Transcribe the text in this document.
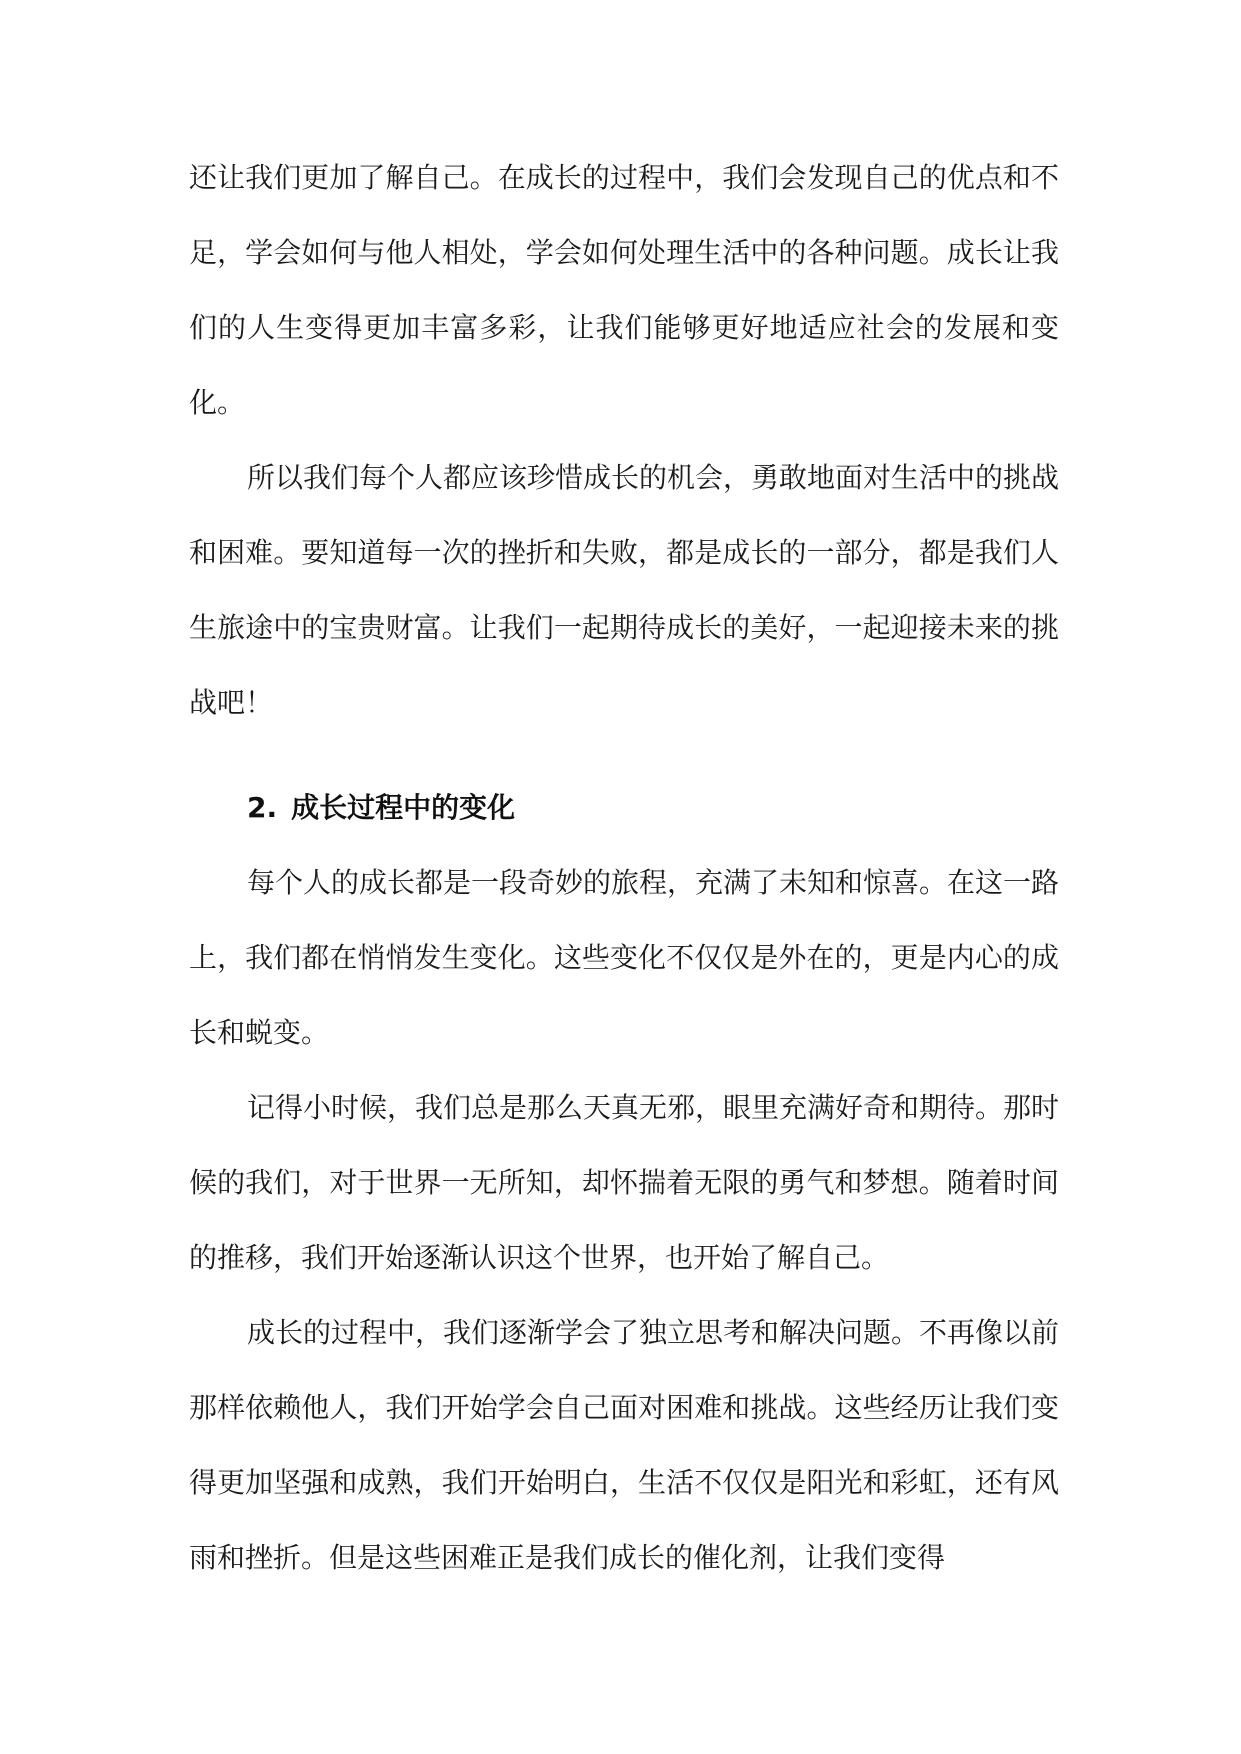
还让我们更加了解自己。在成长的过程中，我们会发现自己的优点和不足，学会如何与他人相处，学会如何处理生活中的各种问题。成长让我们的人生变得更加丰富多彩，让我们能够更好地适应社会的发展和变化。

所以我们每个人都应该珍惜成长的机会，勇敢地面对生活中的挑战和困难。要知道每一次的挫折和失败，都是成长的一部分，都是我们人生旅途中的宝贵财富。让我们一起期待成长的美好，一起迎接未来的挑战吧！

2. 成长过程中的变化

每个人的成长都是一段奇妙的旅程，充满了未知和惊喜。在这一路上，我们都在悄悄发生变化。这些变化不仅仅是外在的，更是内心的成长和蜕变。

记得小时候，我们总是那么天真无邪，眼里充满好奇和期待。那时候的我们，对于世界一无所知，却怀揣着无限的勇气和梦想。随着时间的推移，我们开始逐渐认识这个世界，也开始了解自己。

成长的过程中，我们逐渐学会了独立思考和解决问题。不再像以前那样依赖他人，我们开始学会自己面对困难和挑战。这些经历让我们变得更加坚强和成熟，我们开始明白，生活不仅仅是阳光和彩虹，还有风雨和挫折。但是这些困难正是我们成长的催化剂，让我们变得
